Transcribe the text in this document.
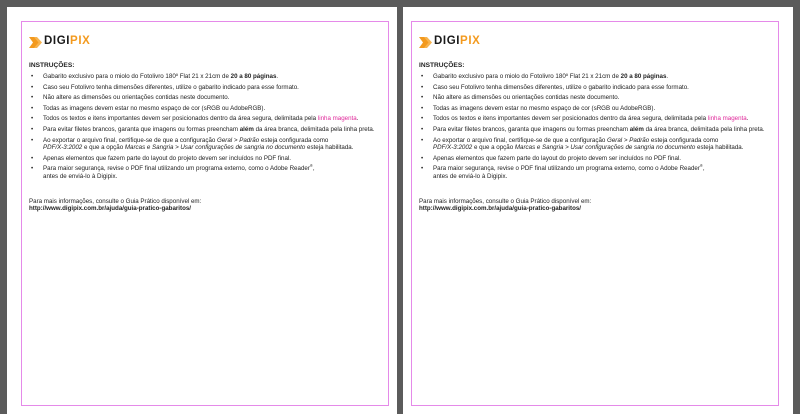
DIGIPIX
INSTRUÇÕES:
• Gabarito exclusivo para o miolo do Fotolivro 180º Flat 21 x 21cm de 20 a 80 páginas.
• Caso seu Fotolivro tenha dimensões diferentes, utilize o gabarito indicado para esse formato.
• Não altere as dimensões ou orientações contidas neste documento.
• Todas as imagens devem estar no mesmo espaço de cor (sRGB ou AdobeRGB).
• Todos os textos e itens importantes devem ser posicionados dentro da área segura, delimitada pela linha magenta.
• Para evitar filetes brancos, garanta que imagens ou formas preencham além da área branca, delimitada pela linha preta.
• Ao exportar o arquivo final, certifique-se de que a configuração Geral > Padrão esteja configurada como
PDF/X-3:2002 e que a opção Marcas e Sangria > Usar configurações de sangria no documento esteja habilitada.
• Apenas elementos que fazem parte do layout do projeto devem ser incluídos no PDF final.
• Para maior segurança, revise o PDF final utilizando um programa externo, como o Adobe Reader®,
antes de enviá-lo à Digipix.
Para mais informações, consulte o Guia Prático disponível em:
http://www.digipix.com.br/ajuda/guia-pratico-gabaritos/
DIGIPIX
INSTRUÇÕES:
• Gabarito exclusivo para o miolo do Fotolivro 180º Flat 21 x 21cm de 20 a 80 páginas.
• Caso seu Fotolivro tenha dimensões diferentes, utilize o gabarito indicado para esse formato.
• Não altere as dimensões ou orientações contidas neste documento.
• Todas as imagens devem estar no mesmo espaço de cor (sRGB ou AdobeRGB).
• Todos os textos e itens importantes devem ser posicionados dentro da área segura, delimitada pela linha magenta.
• Para evitar filetes brancos, garanta que imagens ou formas preencham além da área branca, delimitada pela linha preta.
• Ao exportar o arquivo final, certifique-se de que a configuração Geral > Padrão esteja configurada como
PDF/X-3:2002 e que a opção Marcas e Sangria > Usar configurações de sangria no documento esteja habilitada.
• Apenas elementos que fazem parte do layout do projeto devem ser incluídos no PDF final.
• Para maior segurança, revise o PDF final utilizando um programa externo, como o Adobe Reader®,
antes de enviá-lo à Digipix.
Para mais informações, consulte o Guia Prático disponível em:
http://www.digipix.com.br/ajuda/guia-pratico-gabaritos/
